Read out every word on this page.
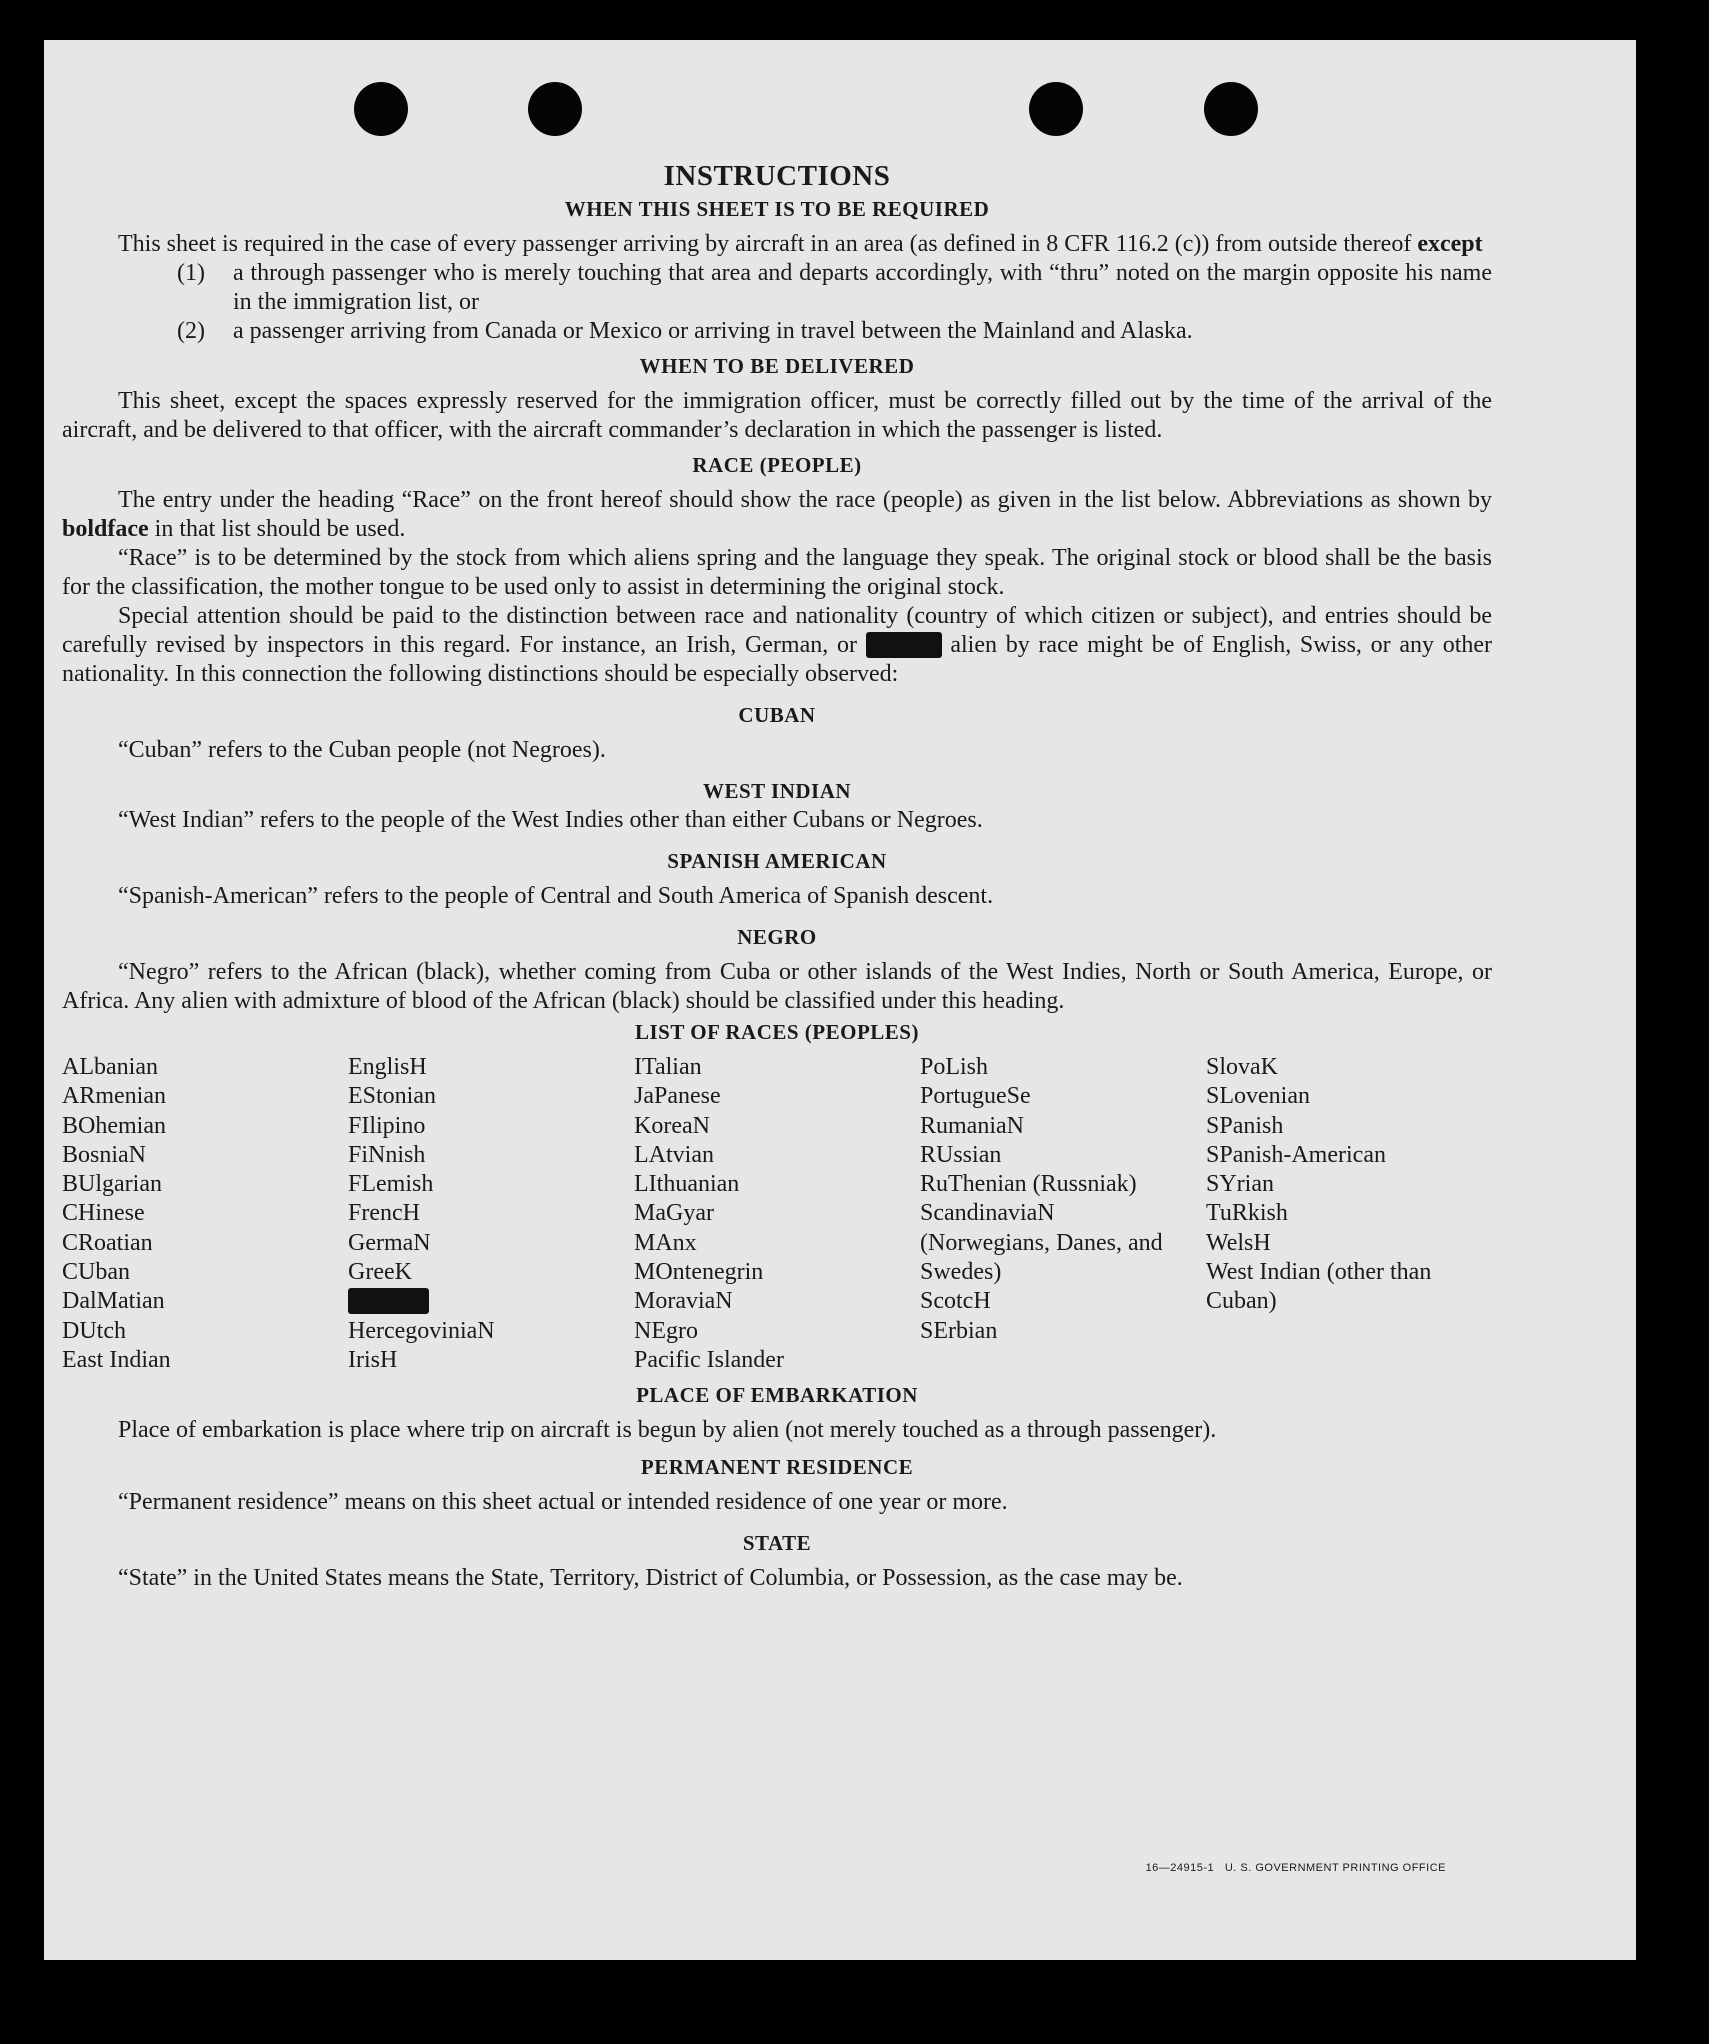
INSTRUCTIONS
WHEN THIS SHEET IS TO BE REQUIRED

This sheet is required in the case of every passenger arriving by aircraft in an area (as defined in 8 CFR 116.2 (c)) from outside thereof except

(1)	a through passenger who is merely touching that area and departs accordingly, with “thru” noted on the margin opposite his name in the immigration list, or
(2)	a passenger arriving from Canada or Mexico or arriving in travel between the Mainland and Alaska.
WHEN TO BE DELIVERED

This sheet, except the spaces expressly reserved for the immigration officer, must be correctly filled out by the time of the arrival of the aircraft, and be delivered to that officer, with the aircraft commander’s declaration in which the passenger is listed.

RACE (PEOPLE)

The entry under the heading “Race” on the front hereof should show the race (people) as given in the list below. Abbreviations as shown by boldface in that list should be used.

“Race” is to be determined by the stock from which aliens spring and the language they speak. The original stock or blood shall be the basis for the classification, the mother tongue to be used only to assist in determining the original stock.

Special attention should be paid to the distinction between race and nationality (country of which citizen or subject), and entries should be carefully revised by inspectors in this regard. For instance, an Irish, German, or	alien by race might be of English, Swiss, or any other nationality. In this connection the following distinctions should be especially observed:

CUBAN

“Cuban” refers to the Cuban people (not Negroes).

WEST INDIAN

“West Indian” refers to the people of the West Indies other than either Cubans or Negroes.

SPANISH AMERICAN

“Spanish-American” refers to the people of Central and South America of Spanish descent.

NEGRO

“Negro” refers to the African (black), whether coming from Cuba or other islands of the West Indies, North or South America, Europe, or Africa. Any alien with admixture of blood of the African (black) should be classified under this heading.

LIST OF RACES (PEOPLES)
ALbanian
ARmenian
BOhemian
BosniaN
BUlgarian
CHinese
CRoatian
CUban
DalMatian
DUtch
East Indian
EnglisH
EStonian
FIlipino
FiNnish
FLemish
FrencH
GermaN
GreeK
HercegoviniaN
IrisH
ITalian
JaPanese
KoreaN
LAtvian
LIthuanian
MaGyar
MAnx
MOntenegrin
MoraviaN
NEgro
Pacific Islander
PoLish
PortugueSe
RumaniaN
RUssian
RuThenian (Russniak)
ScandinaviaN (Norwegians, Danes, and Swedes)
ScotcH
SErbian
SlovaK
SLovenian
SPanish
SPanish-American
SYrian
TuRkish
WelsH
West Indian (other than Cuban)
PLACE OF EMBARKATION

Place of embarkation is place where trip on aircraft is begun by alien (not merely touched as a through passenger).

PERMANENT RESIDENCE

“Permanent residence” means on this sheet actual or intended residence of one year or more.

STATE

“State” in the United States means the State, Territory, District of Columbia, or Possession, as the case may be.

16—24915-1 U. S. GOVERNMENT PRINTING OFFICE
